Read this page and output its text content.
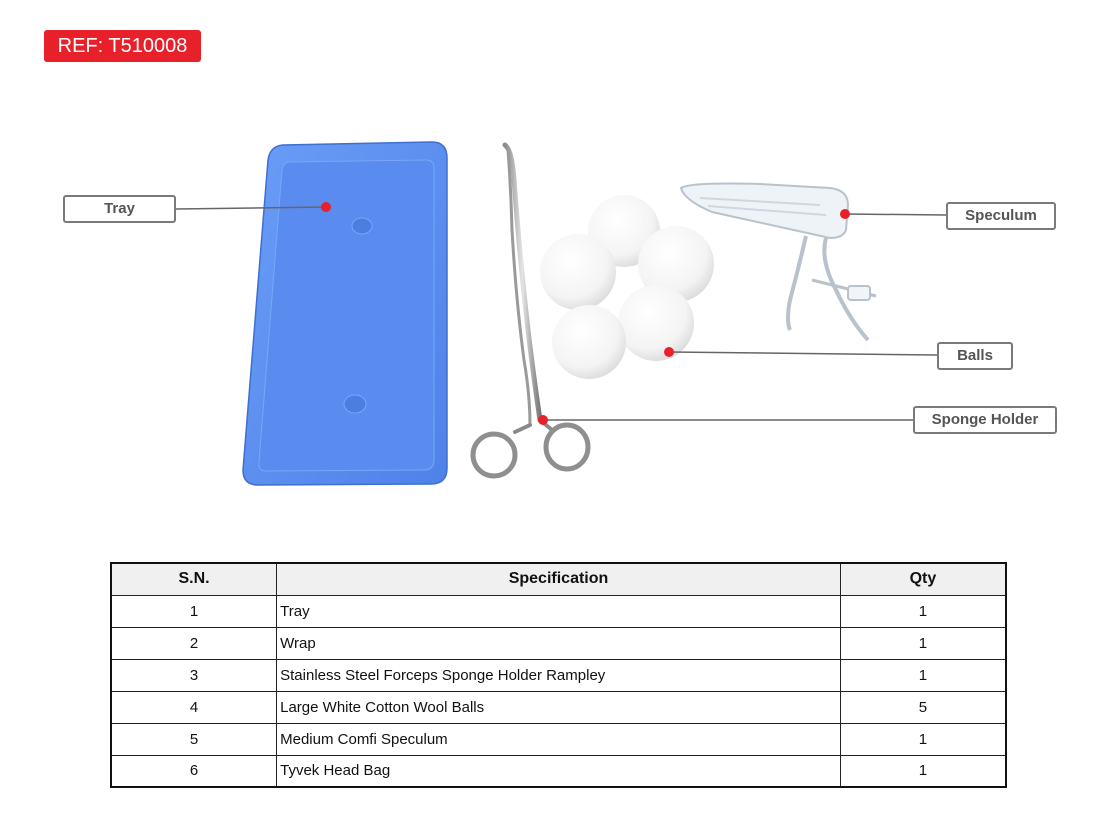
REF: T510008
Tray	Speculum
Balls
Sponge Holder
S.N.	Specification	Qty
1	Tray	1
2	Wrap	1
3	Stainless Steel Forceps Sponge Holder Rampley	1
4	Large White Cotton Wool Balls	5
5	Medium Comfi Speculum	1
6	Tyvek Head Bag	1
